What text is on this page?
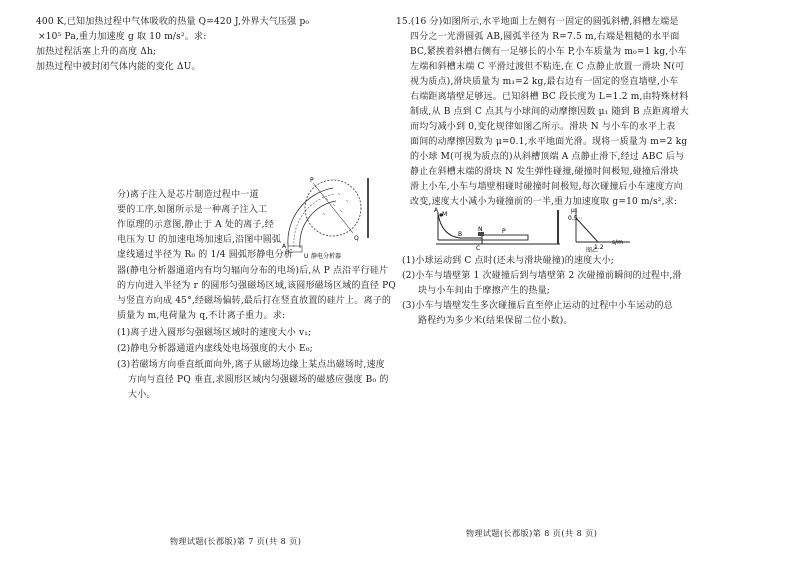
400 K,已知加热过程中气体吸收的热量 Q=420 J,外界大气压强 p₀
×10⁵ Pa,重力加速度 g 取 10 m/s²。求:
加热过程活塞上升的高度 Δh;
加热过程中被封闭气体内能的变化 ΔU。
分)离子注入是芯片制造过程中一道
要的工序,如图所示是一种离子注入工
作原理的示意图,静止于 A 处的离子,经
电压为 U 的加速电场加速后,沿图中圆弧
虚线通过半径为 R₀ 的 1/4 圆弧形静电分析
器(静电分析器通道内有均匀辐向分布的电场)后,从 P 点沿平行硅片
的方向进入半径为 r 的圆形匀强磁场区域,该圆形磁场区域的直径 PQ
与竖直方向成 45°,经磁场偏转,最后打在竖直放置的硅片上。离子的
质量为 m,电荷量为 q,不计离子重力。求:
(1)离子进入圆形匀强磁场区域时的速度大小 v₁;
(2)静电分析器通道内虚线处电场强度的大小 E₀;
(3)若磁场方向垂直纸面向外,离子从磁场边缘上某点出磁场时,速度
方向与直径 PQ 垂直,求圆形区域内匀强磁场的磁感应强度 B₀ 的
大小。
P
Q
A
U 静电分析器
物理试题(长郡版)第 7 页(共 8 页)
15.(16 分)如图所示,水平地面上左侧有一固定的圆弧斜槽,斜槽左端是
四分之一光滑圆弧 AB,圆弧半径为 R=7.5 m,右端是粗糙的水平面
BC,紧挨着斜槽右侧有一足够长的小车 P,小车质量为 m₀=1 kg,小车
左端和斜槽末端 C 平滑过渡但不粘连,在 C 点静止放置一滑块 N(可
视为质点),滑块质量为 m₁=2 kg,最右边有一固定的竖直墙壁,小车
右端距离墙壁足够远。已知斜槽 BC 段长度为 L=1.2 m,由特殊材料
制成,从 B 点到 C 点其与小球间的动摩擦因数 μ₁ 随到 B 点距离增大
而均匀减小到 0,变化规律如图乙所示。滑块 N 与小车的水平上表
面间的动摩擦因数为 μ=0.1,水平地面光滑。现将一质量为 m=2 kg
的小球 M(可视为质点的)从斜槽顶端 A 点静止滑下,经过 ABC 后与
静止在斜槽末端的滑块 N 发生弹性碰撞,碰撞时间极短,碰撞后滑块
滑上小车,小车与墙壁相碰时碰撞时间极短,每次碰撞后小车速度方向
改变,速度大小减小为碰撞前的一半,重力加速度取 g=10 m/s²,求:
A
M
B
C
N	P
μ₁
0.5
1.2
s/m
图乙
(1)小球运动到 C 点时(还未与滑块碰撞)的速度大小;
(2)小车与墙壁第 1 次碰撞后到与墙壁第 2 次碰撞前瞬间的过程中,滑
块与小车间由于摩擦产生的热量;
(3)小车与墙壁发生多次碰撞后直至停止运动的过程中小车运动的总
路程约为多少米(结果保留二位小数)。
物理试题(长郡版)第 8 页(共 8 页)
